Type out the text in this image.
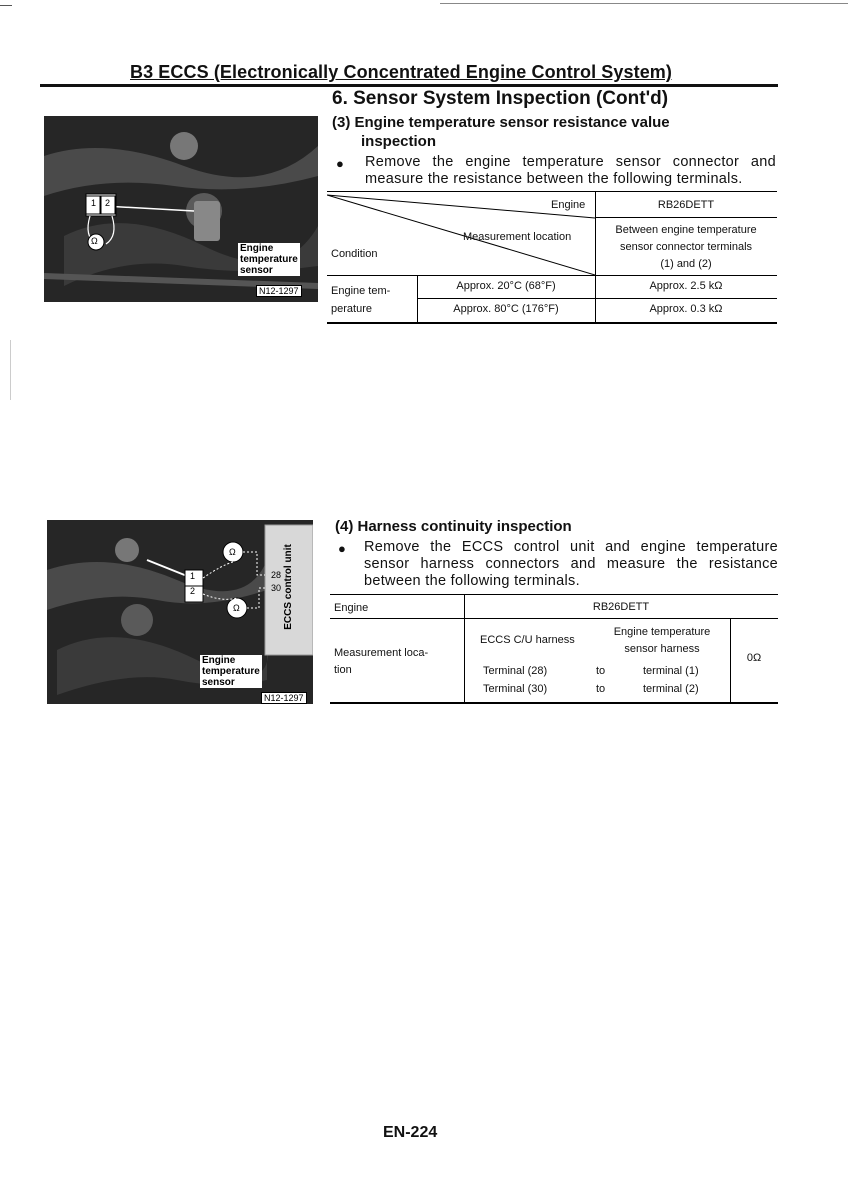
B3 ECCS (Electronically Concentrated Engine Control System)
6. Sensor System Inspection (Cont'd)
(3) Engine temperature sensor resistance value
inspection
● Remove the engine temperature sensor connector and measure the resistance between the following terminals.
1 2
Ω
Engine
temperature
sensor
N12-1297
Engine
Measurement location
Condition
RB26DETT
Between engine temperature
sensor connector terminals
(1) and (2)
Engine tem-
perature
Approx. 20°C (68°F)	Approx. 2.5 kΩ
Approx. 80°C (176°F)	Approx. 0.3 kΩ
(4) Harness continuity inspection
● Remove the ECCS control unit and engine temperature sensor harness connectors and measure the resistance between the following terminals.
1
2
Ω
Ω
28
30 ECCS control unit
Engine
temperature
sensor
N12-1297
Engine	RB26DETT
Measurement loca-
tion
ECCS C/U harness
Engine temperature
sensor harness
Terminal (28)	to	terminal (1)
Terminal (30)	to	terminal (2)
0Ω
EN-224
